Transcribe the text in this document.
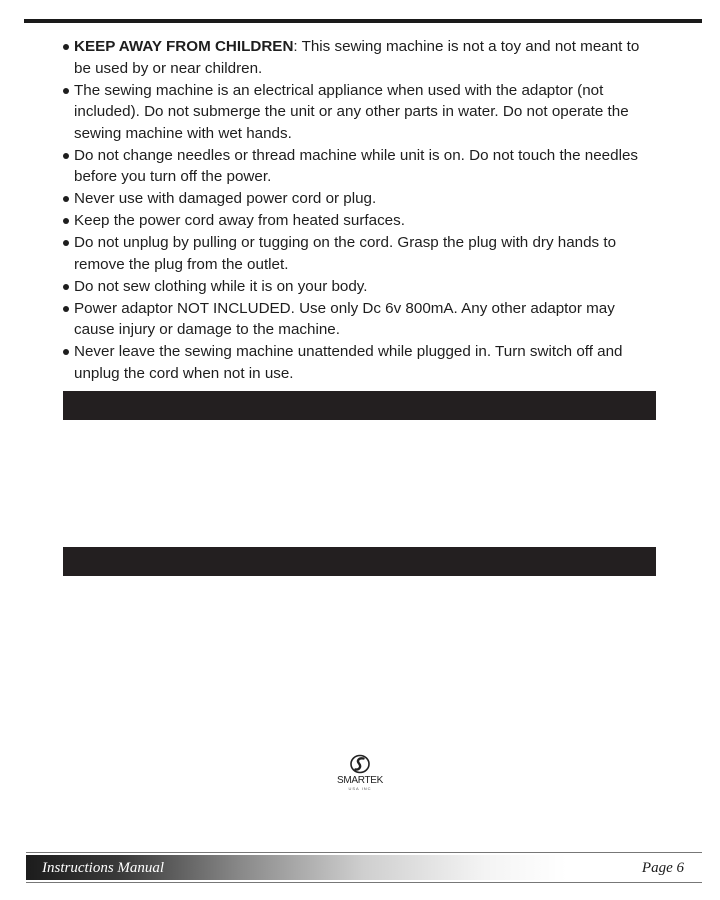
KEEP AWAY FROM CHILDREN: This sewing machine is not a toy and not meant to be used by or near children.
The sewing machine is an electrical appliance when used with the adaptor (not included). Do not submerge the unit or any other parts in water. Do not operate the sewing machine with wet hands.
Do not change needles or thread machine while unit is on. Do not touch the needles before you turn off the power.
Never use with damaged power cord or plug.
Keep the power cord away from heated surfaces.
Do not unplug by pulling or tugging on the cord. Grasp the plug with dry hands to remove the plug from the outlet.
Do not sew clothing while it is on your body.
Power adaptor NOT INCLUDED. Use only Dc 6v 800mA. Any other adaptor may cause injury or damage to the machine.
Never leave the sewing machine unattended while plugged in. Turn switch off and unplug the cord when not in use.
SMARTEK
USA INC
Instructions Manual	Page 6
